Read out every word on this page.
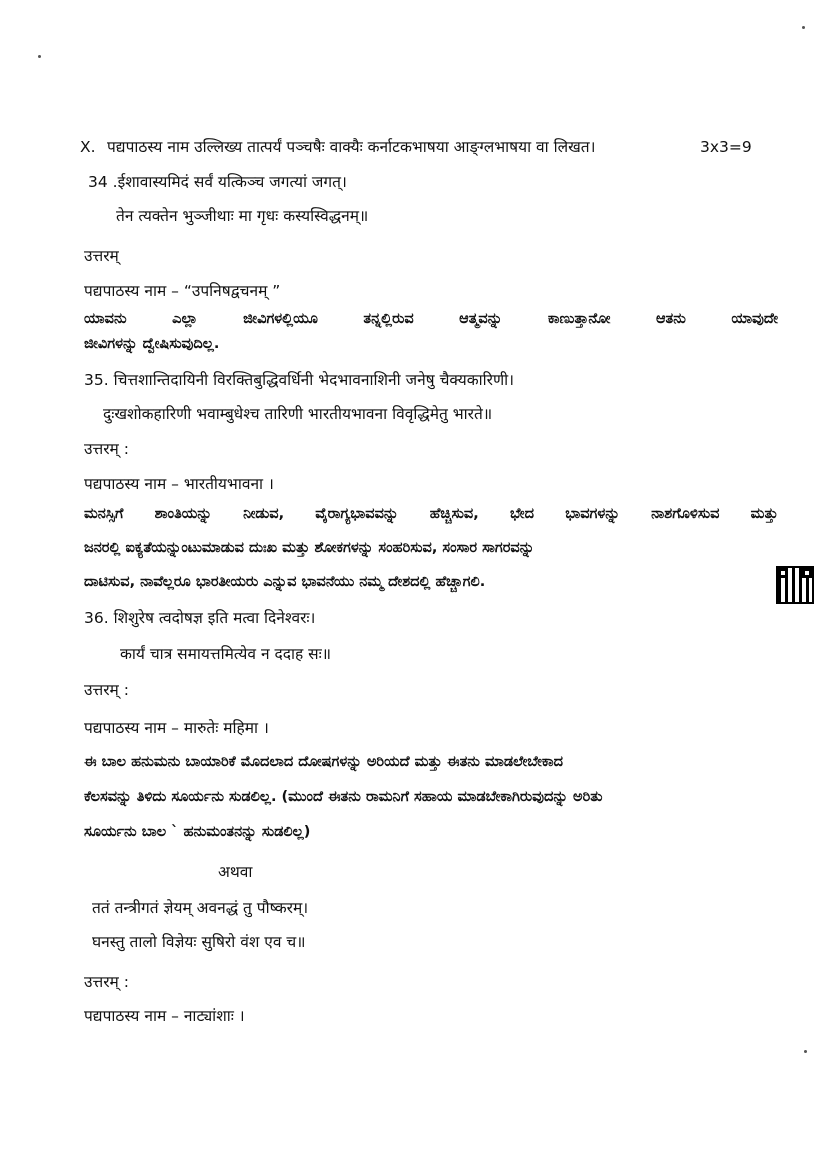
X. पद्यपाठस्य नाम उल्लिख्य तात्पर्यं पञ्चषैः वाक्यैः कर्नाटकभाषया आङ्ग्लभाषया वा लिखत।	3x3=9
34 .ईशावास्यमिदं सर्वं यत्किञ्च जगत्यां जगत्।
तेन त्यक्तेन भुञ्जीथाः मा गृधः कस्यस्विद्धनम्॥
उत्तरम्
पद्यपाठस्य नाम – “उपनिषद्वचनम् ”
ಯಾವನು ಎಲ್ಲಾ ಜೀವಿಗಳಲ್ಲಿಯೂ ತನ್ನಲ್ಲಿರುವ ಆತ್ಮವನ್ನು ಕಾಣುತ್ತಾನೋ ಆತನು ಯಾವುದೇ
ಜೀವಿಗಳನ್ನು ದ್ವೇಷಿಸುವುದಿಲ್ಲ.
35. चित्तशान्तिदायिनी विरक्तिबुद्धिवर्धिनी भेदभावनाशिनी जनेषु चैक्यकारिणी।
दुःखशोकहारिणी भवाम्बुधेश्च तारिणी भारतीयभावना विवृद्धिमेतु भारते॥
उत्तरम् :
पद्यपाठस्य नाम – भारतीयभावना ।
ಮನಸ್ಸಿಗೆ ಶಾಂತಿಯನ್ನು ನೀಡುವ, ವೈರಾಗ್ಯಭಾವವನ್ನು ಹೆಚ್ಚಿಸುವ, ಭೇದ ಭಾವಗಳನ್ನು ನಾಶಗೊಳಿಸುವ ಮತ್ತು
ಜನರಲ್ಲಿ ಐಕ್ಯತೆಯನ್ನುಂಟುಮಾಡುವ ದುಃಖ ಮತ್ತು ಶೋಕಗಳನ್ನು ಸಂಹರಿಸುವ, ಸಂಸಾರ ಸಾಗರವನ್ನು
ದಾಟಿಸುವ, ನಾವೆಲ್ಲರೂ ಭಾರತೀಯರು ಎನ್ನುವ ಭಾವನೆಯು ನಮ್ಮ ದೇಶದಲ್ಲಿ ಹೆಚ್ಚಾಗಲಿ.
36. शिशुरेष त्वदोषज्ञ इति मत्वा दिनेश्वरः।
कार्यं चात्र समायत्तमित्येव न ददाह सः॥
उत्तरम् :
पद्यपाठस्य नाम – मारुतेः महिमा ।
ಈ ಬಾಲ ಹನುಮನು ಬಾಯಾರಿಕೆ ಮೊದಲಾದ ದೋಷಗಳನ್ನು ಅರಿಯದೆ ಮತ್ತು ಈತನು ಮಾಡಲೇಬೇಕಾದ
ಕೆಲಸವನ್ನು ತಿಳಿದು ಸೂರ್ಯನು ಸುಡಲಿಲ್ಲ. (ಮುಂದೆ ಈತನು ರಾಮನಿಗೆ ಸಹಾಯ ಮಾಡಬೇಕಾಗಿರುವುದನ್ನು ಅರಿತು
ಸೂರ್ಯನು ಬಾಲ ` ಹನುಮಂತನನ್ನು ಸುಡಲಿಲ್ಲ)
अथवा
ततं तन्त्रीगतं ज्ञेयम् अवनद्धं तु पौष्करम्।
घनस्तु तालो विज्ञेयः सुषिरो वंश एव च॥
उत्तरम् :
पद्यपाठस्य नाम – नाट्यांशाः ।
